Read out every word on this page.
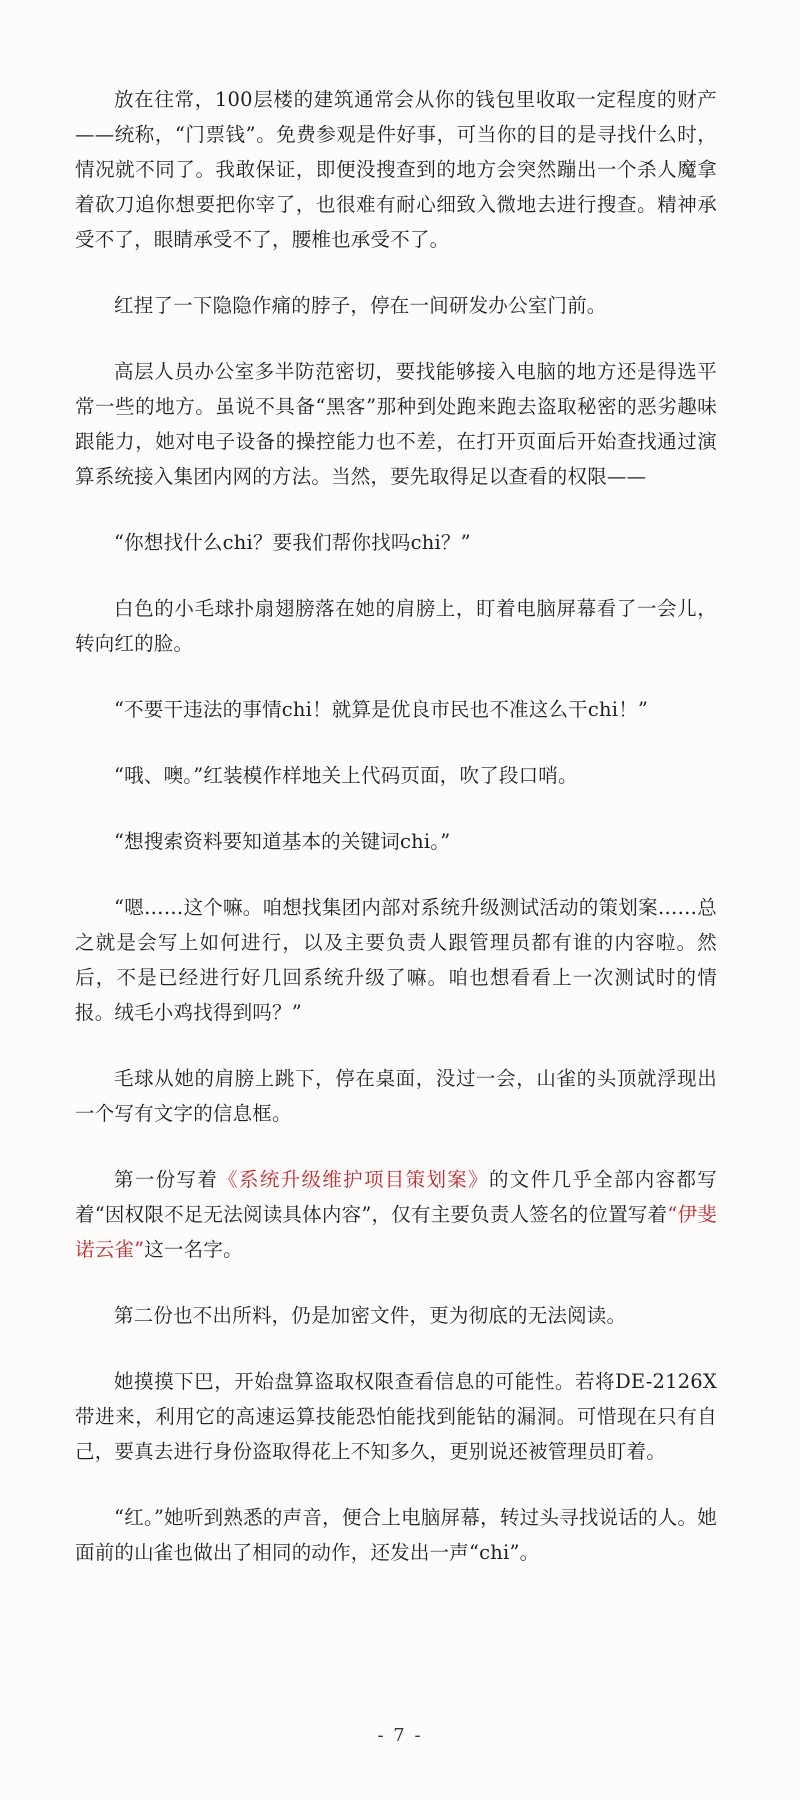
放在往常，100层楼的建筑通常会从你的钱包里收取一定程度的财产——统称，“门票钱”。免费参观是件好事，可当你的目的是寻找什么时，情况就不同了。我敢保证，即便没搜查到的地方会突然蹦出一个杀人魔拿着砍刀追你想要把你宰了，也很难有耐心细致入微地去进行搜查。精神承受不了，眼睛承受不了，腰椎也承受不了。

红捏了一下隐隐作痛的脖子，停在一间研发办公室门前。

高层人员办公室多半防范密切，要找能够接入电脑的地方还是得选平常一些的地方。虽说不具备“黑客”那种到处跑来跑去盗取秘密的恶劣趣味跟能力，她对电子设备的操控能力也不差，在打开页面后开始查找通过演算系统接入集团内网的方法。当然，要先取得足以查看的权限——

“你想找什么chi？要我们帮你找吗chi？”

白色的小毛球扑扇翅膀落在她的肩膀上，盯着电脑屏幕看了一会儿，转向红的脸。

“不要干违法的事情chi！就算是优良市民也不准这么干chi！”

“哦、噢。”红装模作样地关上代码页面，吹了段口哨。

“想搜索资料要知道基本的关键词chi。”

“嗯……这个嘛。咱想找集团内部对系统升级测试活动的策划案……总之就是会写上如何进行，以及主要负责人跟管理员都有谁的内容啦。然后，不是已经进行好几回系统升级了嘛。咱也想看看上一次测试时的情报。绒毛小鸡找得到吗？”

毛球从她的肩膀上跳下，停在桌面，没过一会，山雀的头顶就浮现出一个写有文字的信息框。

第一份写着《系统升级维护项目策划案》的文件几乎全部内容都写着“因权限不足无法阅读具体内容”，仅有主要负责人签名的位置写着“伊斐诺云雀”这一名字。

第二份也不出所料，仍是加密文件，更为彻底的无法阅读。

她摸摸下巴，开始盘算盗取权限查看信息的可能性。若将DE-2126X带进来，利用它的高速运算技能恐怕能找到能钻的漏洞。可惜现在只有自己，要真去进行身份盗取得花上不知多久，更别说还被管理员盯着。

“红。”她听到熟悉的声音，便合上电脑屏幕，转过头寻找说话的人。她面前的山雀也做出了相同的动作，还发出一声“chi”。

- 7 -
